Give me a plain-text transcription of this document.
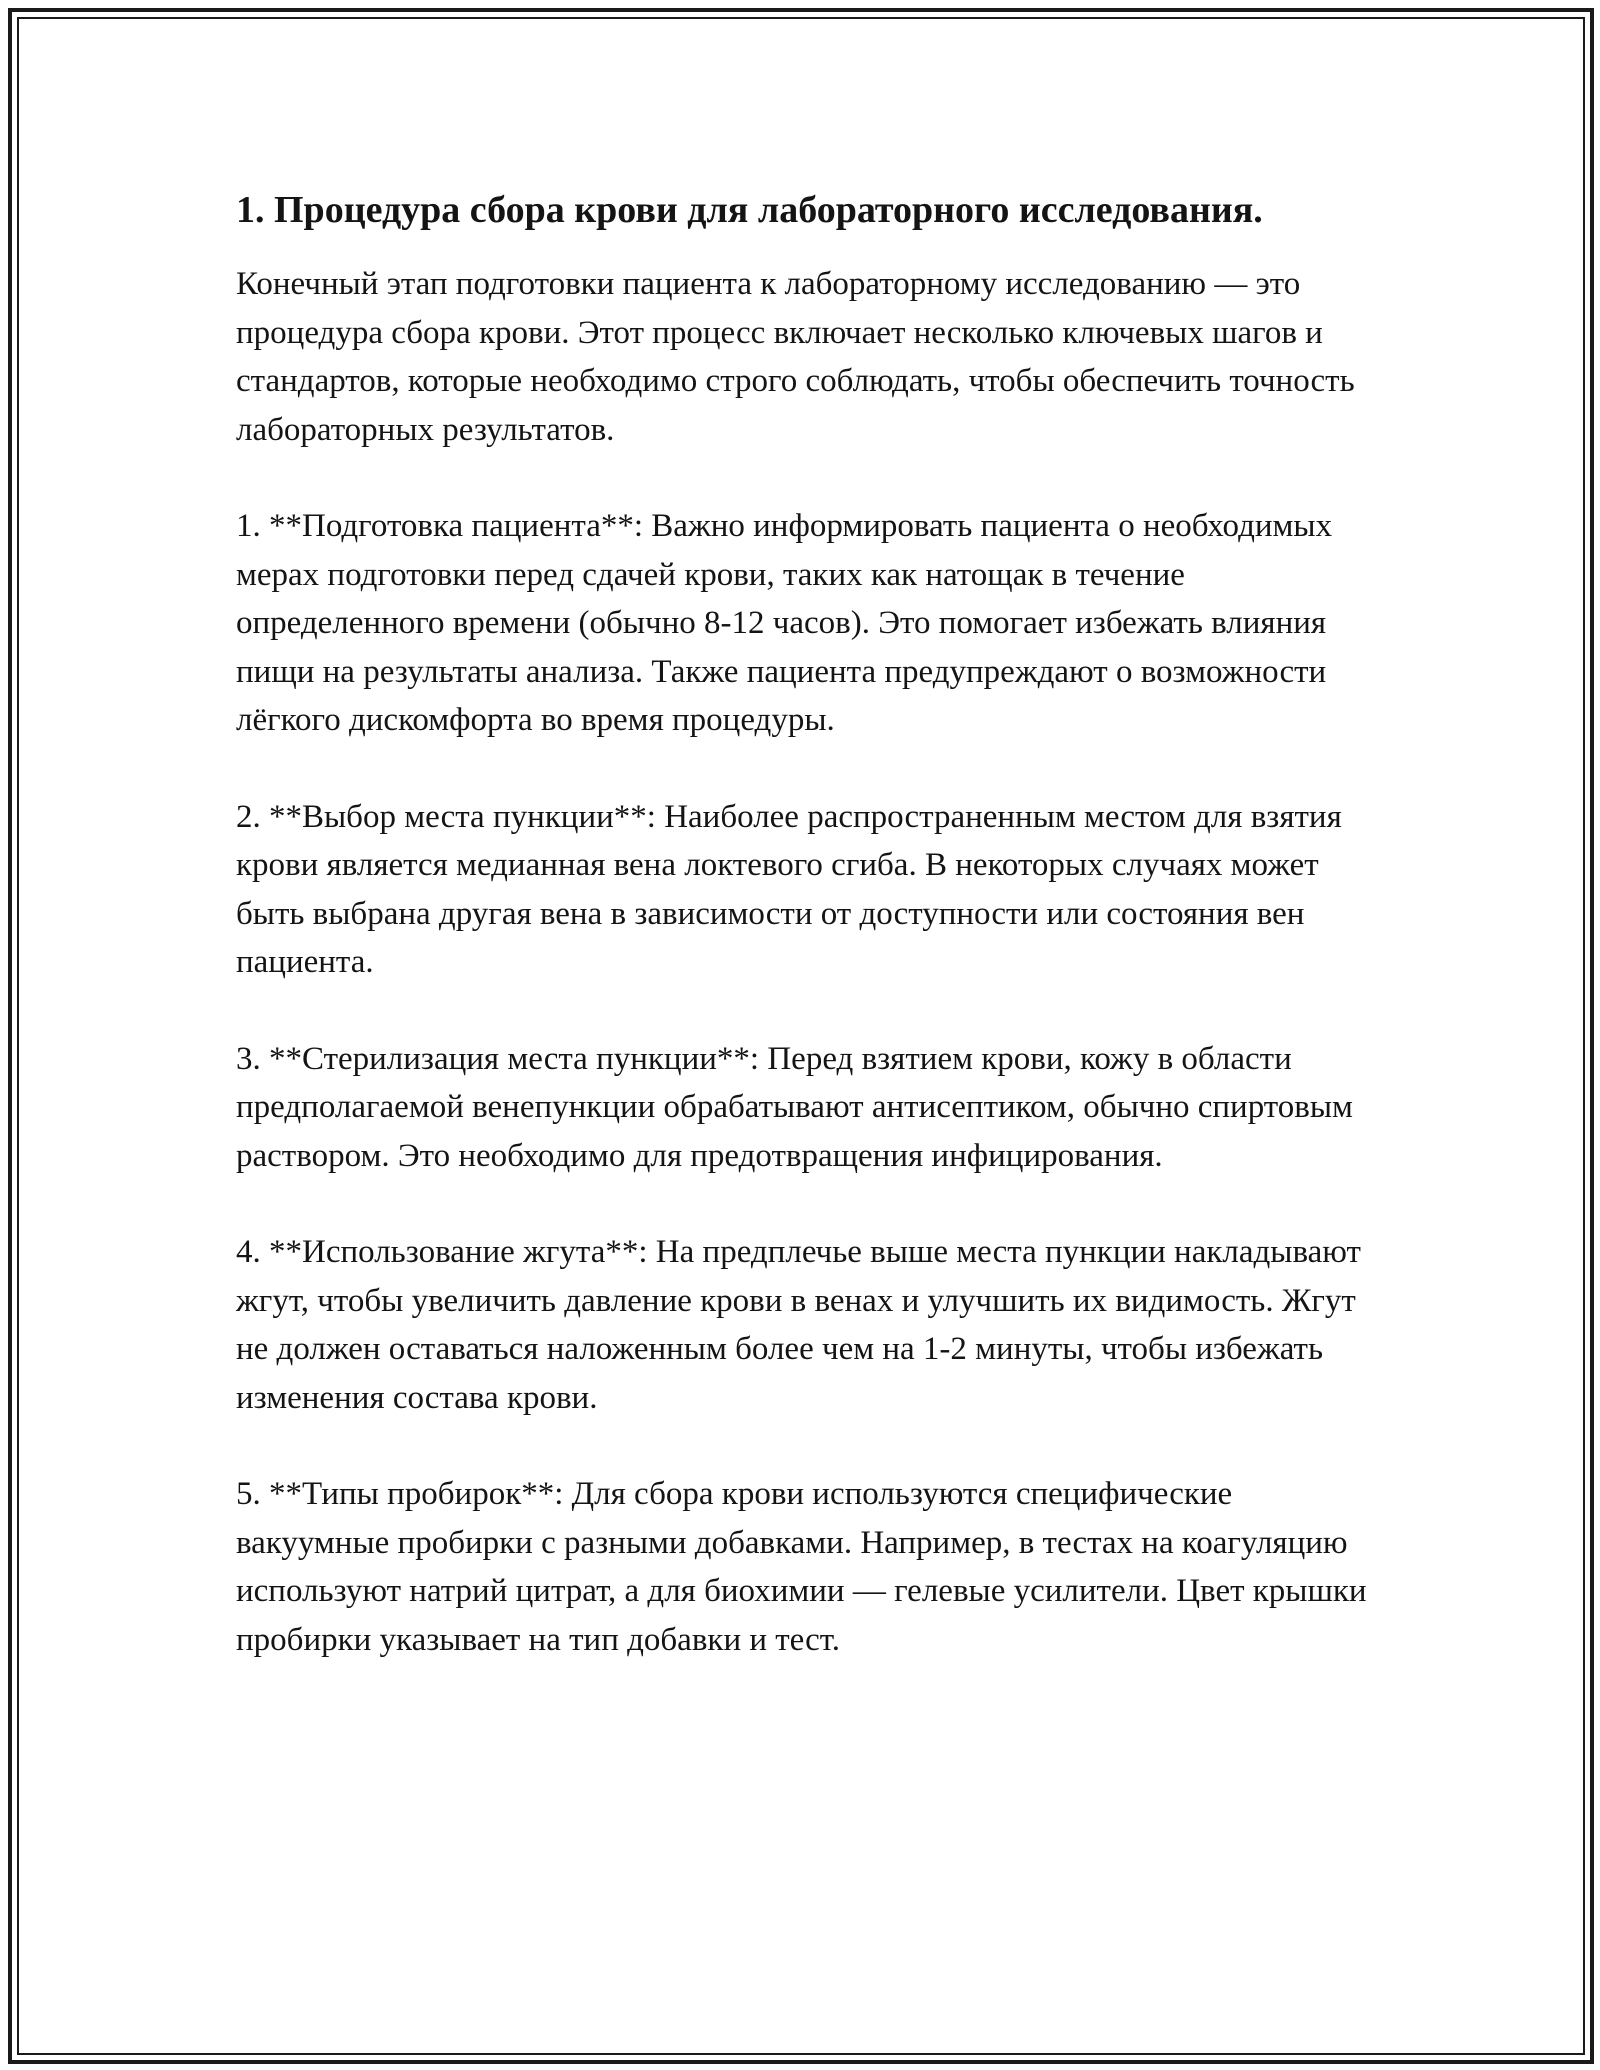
1. Процедура сбора крови для лабораторного исследования.

Конечный этап подготовки пациента к лабораторному исследованию — это процедура сбора крови. Этот процесс включает несколько ключевых шагов и стандартов, которые необходимо строго соблюдать, чтобы обеспечить точность лабораторных результатов.

1. **Подготовка пациента**: Важно информировать пациента о необходимых мерах подготовки перед сдачей крови, таких как натощак в течение определенного времени (обычно 8-12 часов). Это помогает избежать влияния пищи на результаты анализа. Также пациента предупреждают о возможности лёгкого дискомфорта во время процедуры.

2. **Выбор места пункции**: Наиболее распространенным местом для взятия крови является медианная вена локтевого сгиба. В некоторых случаях может быть выбрана другая вена в зависимости от доступности или состояния вен пациента.

3. **Стерилизация места пункции**: Перед взятием крови, кожу в области предполагаемой венепункции обрабатывают антисептиком, обычно спиртовым раствором. Это необходимо для предотвращения инфицирования.

4. **Использование жгута**: На предплечье выше места пункции накладывают жгут, чтобы увеличить давление крови в венах и улучшить их видимость. Жгут не должен оставаться наложенным более чем на 1-2 минуты, чтобы избежать изменения состава крови.

5. **Типы пробирок**: Для сбора крови используются специфические вакуумные пробирки с разными добавками. Например, в тестах на коагуляцию используют натрий цитрат, а для биохимии — гелевые усилители. Цвет крышки пробирки указывает на тип добавки и тест.
